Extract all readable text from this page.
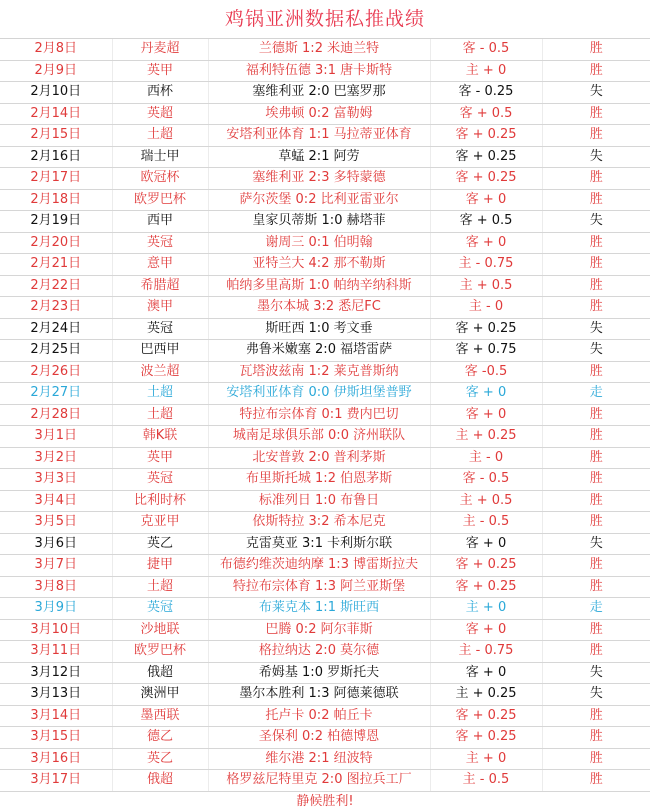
鸡锅亚洲数据私推战绩
2月8日	丹麦超	兰德斯 1:2 米迪兰特	客 - 0.5	胜
2月9日	英甲	福利特伍德 3:1 唐卡斯特	主 + 0	胜
2月10日	西杯	塞维利亚 2:0 巴塞罗那	客 - 0.25	失
2月14日	英超	埃弗顿 0:2 富勒姆	客 + 0.5	胜
2月15日	土超	安塔利亚体育 1:1 马拉蒂亚体育	客 + 0.25	胜
2月16日	瑞士甲	草蜢 2:1 阿劳	客 + 0.25	失
2月17日	欧冠杯	塞维利亚 2:3 多特蒙德	客 + 0.25	胜
2月18日	欧罗巴杯	萨尔茨堡 0:2 比利亚雷亚尔	客 + 0	胜
2月19日	西甲	皇家贝蒂斯 1:0 赫塔菲	客 + 0.5	失
2月20日	英冠	谢周三 0:1 伯明翰	客 + 0	胜
2月21日	意甲	亚特兰大 4:2 那不勒斯	主 - 0.75	胜
2月22日	希腊超	帕纳多里高斯 1:0 帕纳辛纳科斯	主 + 0.5	胜
2月23日	澳甲	墨尔本城 3:2 悉尼FC	主 - 0	胜
2月24日	英冠	斯旺西 1:0 考文垂	客 + 0.25	失
2月25日	巴西甲	弗鲁米嫩塞 2:0 福塔雷萨	客 + 0.75	失
2月26日	波兰超	瓦塔波兹南 1:2 莱克普斯纳	客 -0.5	胜
2月27日	土超	安塔利亚体育 0:0 伊斯坦堡普野	客 + 0	走
2月28日	土超	特拉布宗体育 0:1 费内巴切	客 + 0	胜
3月1日	韩K联	城南足球俱乐部 0:0 济州联队	主 + 0.25	胜
3月2日	英甲	北安普敦 2:0 普利茅斯	主 - 0	胜
3月3日	英冠	布里斯托城 1:2 伯恩茅斯	客 - 0.5	胜
3月4日	比利时杯	标准列日 1:0 布鲁日	主 + 0.5	胜
3月5日	克亚甲	依斯特拉 3:2 希本尼克	主 - 0.5	胜
3月6日	英乙	克雷莫亚 3:1 卡利斯尔联	客 + 0	失
3月7日	捷甲	布德约维茨迪纳摩 1:3 博雷斯拉夫	客 + 0.25	胜
3月8日	土超	特拉布宗体育 1:3 阿兰亚斯堡	客 + 0.25	胜
3月9日	英冠	布莱克本 1:1 斯旺西	主 + 0	走
3月10日	沙地联	巴腾 0:2 阿尔菲斯	客 + 0	胜
3月11日	欧罗巴杯	格拉纳达 2:0 莫尔德	主 - 0.75	胜
3月12日	俄超	希姆基 1:0 罗斯托夫	客 + 0	失
3月13日	澳洲甲	墨尔本胜利 1:3 阿德莱德联	主 + 0.25	失
3月14日	墨西联	托卢卡 0:2 帕丘卡	客 + 0.25	胜
3月15日	德乙	圣保利 0:2 柏德博恩	客 + 0.25	胜
3月16日	英乙	维尔港 2:1 纽波特	主 + 0	胜
3月17日	俄超	格罗兹尼特里克 2:0 图拉兵工厂	主 - 0.5	胜
静候胜利!
